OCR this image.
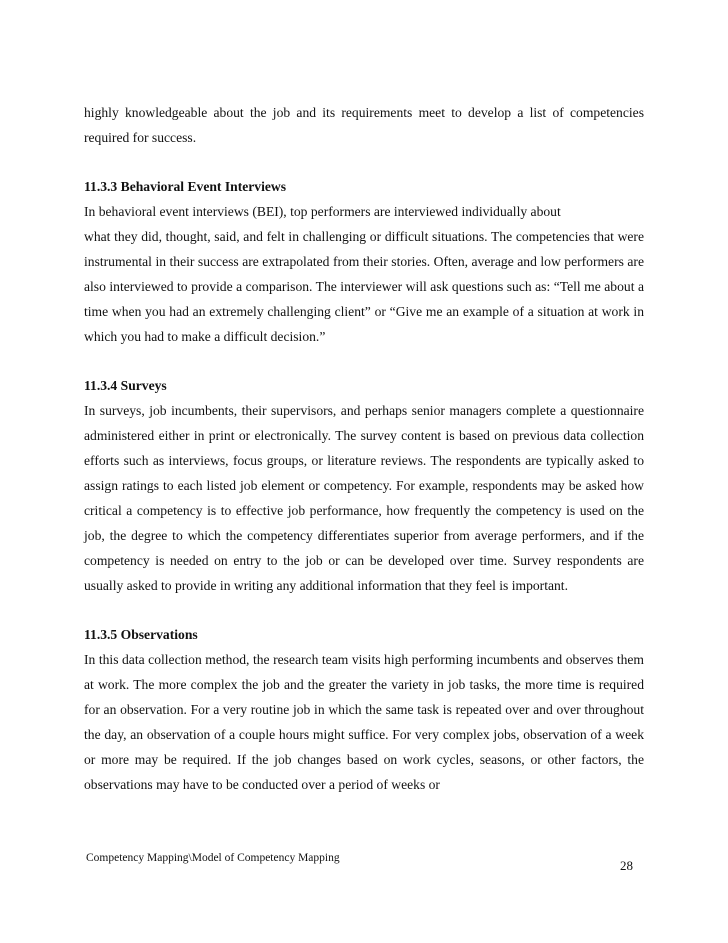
highly knowledgeable about the job and its requirements meet to develop a list of competencies required for success.

11.3.3 Behavioral Event Interviews

In behavioral event interviews (BEI), top performers are interviewed individually about

what they did, thought, said, and felt in challenging or difficult situations. The competencies that were instrumental in their success are extrapolated from their stories. Often, average and low performers are also interviewed to provide a comparison. The interviewer will ask questions such as: “Tell me about a time when you had an extremely challenging client” or “Give me an example of a situation at work in which you had to make a difficult decision.”

11.3.4 Surveys

In surveys, job incumbents, their supervisors, and perhaps senior managers complete a questionnaire administered either in print or electronically. The survey content is based on previous data collection efforts such as interviews, focus groups, or literature reviews. The respondents are typically asked to assign ratings to each listed job element or competency. For example, respondents may be asked how critical a competency is to effective job performance, how frequently the competency is used on the job, the degree to which the competency differentiates superior from average performers, and if the competency is needed on entry to the job or can be developed over time. Survey respondents are usually asked to provide in writing any additional information that they feel is important.

11.3.5 Observations

In this data collection method, the research team visits high performing incumbents and observes them at work. The more complex the job and the greater the variety in job tasks, the more time is required for an observation. For a very routine job in which the same task is repeated over and over throughout the day, an observation of a couple hours might suffice. For very complex jobs, observation of a week or more may be required. If the job changes based on work cycles, seasons, or other factors, the observations may have to be conducted over a period of weeks or

Competency Mapping\Model of Competency Mapping	28
